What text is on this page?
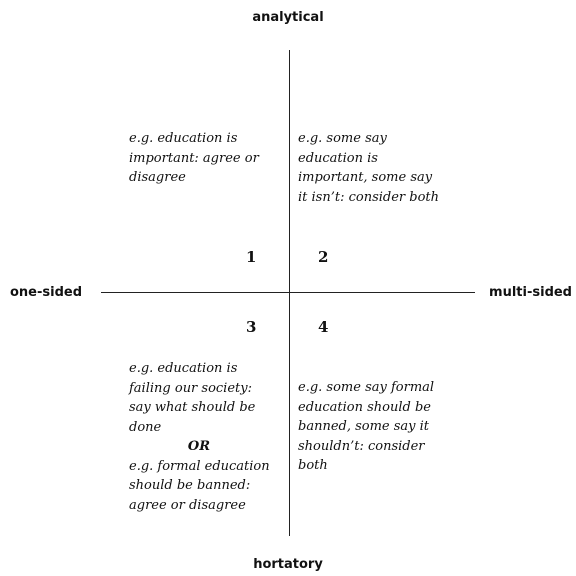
analytical
hortatory
one-sided	multi-sided
1	2
3	4
e.g. education is
important: agree or
disagree
e.g. some say
education is
important, some say
it isn’t: consider both
e.g. education is
failing our society:
say what should be
done
OR
e.g. formal education
should be banned:
agree or disagree
e.g. some say formal
education should be
banned, some say it
shouldn’t: consider
both
